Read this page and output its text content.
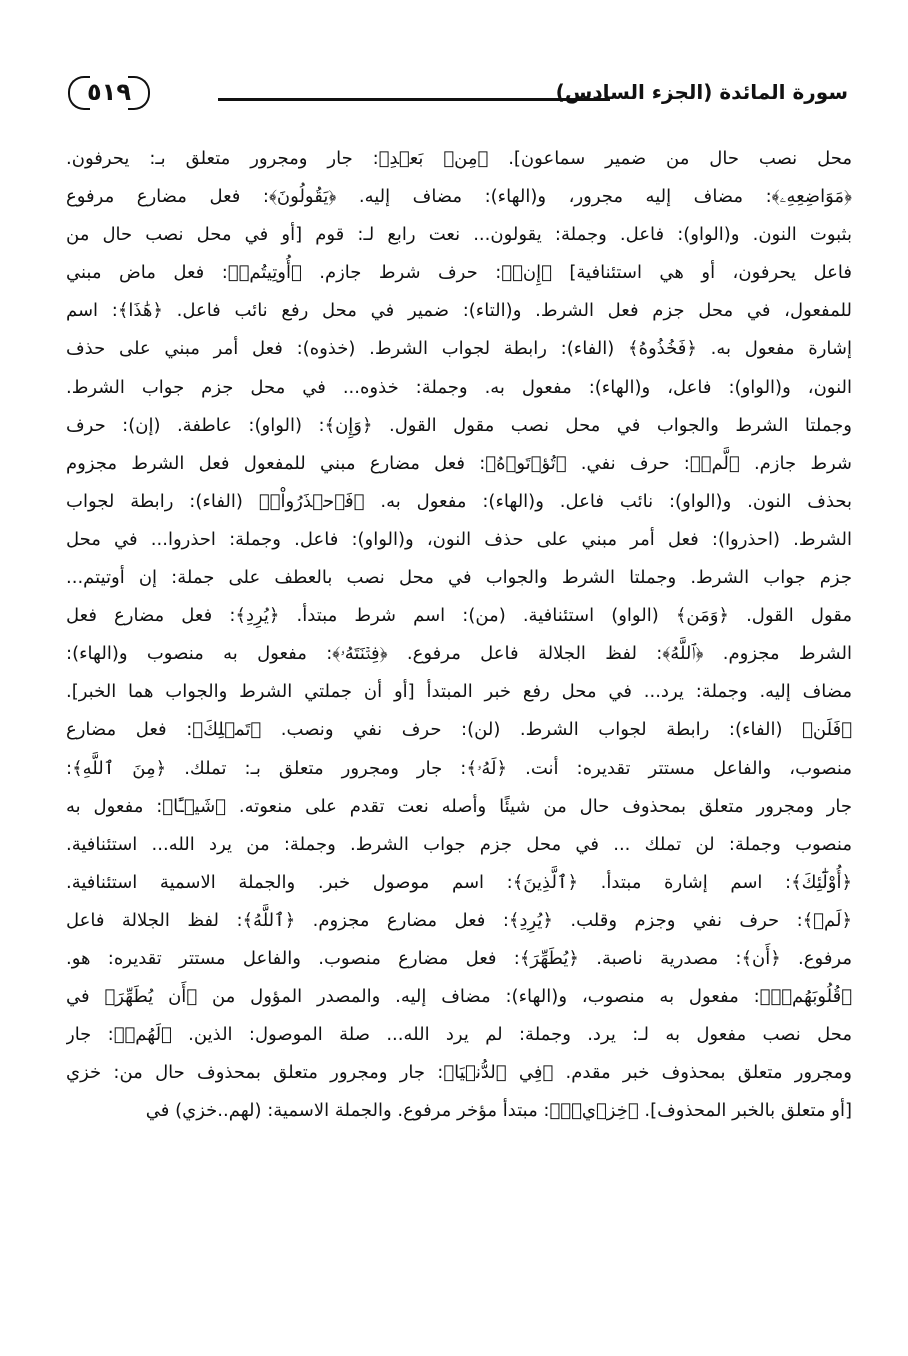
٥١٩	سورة المائدة (الجزء السادس)
محل نصب حال من ضمير سماعون]. ﴿مِنۢ بَعۡدِ﴾: جار ومجرور متعلق بـ: يحرفون.
﴿مَوَاضِعِهِۦ﴾: مضاف إليه مجرور، و(الهاء): مضاف إليه. ﴿يَقُولُونَ﴾: فعل مضارع مرفوع
بثبوت النون. و(الواو): فاعل. وجملة: يقولون... نعت رابع لـ: قوم [أو في محل نصب حال من
فاعل يحرفون، أو هي استئنافية] ﴿إِنۡ﴾: حرف شرط جازم. ﴿أُوتِيتُمۡ﴾: فعل ماض مبني
للمفعول، في محل جزم فعل الشرط. و(التاء): ضمير في محل رفع نائب فاعل. ﴿هَٰذَا﴾: اسم
إشارة مفعول به. ﴿فَخُذُوهُ﴾ (الفاء): رابطة لجواب الشرط. (خذوه): فعل أمر مبني على حذف
النون، و(الواو): فاعل، و(الهاء): مفعول به. وجملة: خذوه... في محل جزم جواب الشرط.
وجملتا الشرط والجواب في محل نصب مقول القول. ﴿وَإِن﴾: (الواو): عاطفة. (إن): حرف
شرط جازم. ﴿لَّمۡ﴾: حرف نفي. ﴿تُؤۡتَوۡهُ﴾: فعل مضارع مبني للمفعول فعل الشرط مجزوم
بحذف النون. و(الواو): نائب فاعل. و(الهاء): مفعول به. ﴿فَٱحۡذَرُواْۚ﴾ (الفاء): رابطة لجواب
الشرط. (احذروا): فعل أمر مبني على حذف النون، و(الواو): فاعل. وجملة: احذروا... في محل
جزم جواب الشرط. وجملتا الشرط والجواب في محل نصب بالعطف على جملة: إن أوتيتم...
مقول القول. ﴿وَمَن﴾ (الواو) استئنافية. (من): اسم شرط مبتدأ. ﴿يُرِدِ﴾: فعل مضارع فعل
الشرط مجزوم. ﴿ٱللَّهُ﴾: لفظ الجلالة فاعل مرفوع. ﴿فِتۡنَتَهُۥ﴾: مفعول به منصوب و(الهاء):
مضاف إليه. وجملة: يرد... في محل رفع خبر المبتدأ [أو أن جملتي الشرط والجواب هما الخبر].
﴿فَلَن﴾ (الفاء): رابطة لجواب الشرط. (لن): حرف نفي ونصب. ﴿تَمۡلِكَ﴾: فعل مضارع
منصوب، والفاعل مستتر تقديره: أنت. ﴿لَهُۥ﴾: جار ومجرور متعلق بـ: تملك. ﴿مِنَ ٱللَّهِ﴾:
جار ومجرور متعلق بمحذوف حال من شيئًا وأصله نعت تقدم على منعوته. ﴿شَيۡـًٔا﴾: مفعول به
منصوب وجملة: لن تملك ... في محل جزم جواب الشرط. وجملة: من يرد الله... استئنافية.
﴿أُوْلَٰٓئِكَ﴾: اسم إشارة مبتدأ. ﴿ٱلَّذِينَ﴾: اسم موصول خبر. والجملة الاسمية استئنافية.
﴿لَمۡ﴾: حرف نفي وجزم وقلب. ﴿يُرِدِ﴾: فعل مضارع مجزوم. ﴿ٱللَّهُ﴾: لفظ الجلالة فاعل
مرفوع. ﴿أَن﴾: مصدرية ناصبة. ﴿يُطَهِّرَ﴾: فعل مضارع منصوب. والفاعل مستتر تقديره: هو.
﴿قُلُوبَهُمۡۚ﴾: مفعول به منصوب، و(الهاء): مضاف إليه. والمصدر المؤول من ﴿أَن يُطَهِّرَ﴾ في
محل نصب مفعول به لـ: يرد. وجملة: لم يرد الله... صلة الموصول: الذين. ﴿لَهُمۡ﴾: جار
ومجرور متعلق بمحذوف خبر مقدم. ﴿فِي ٱلدُّنۡيَا﴾: جار ومجرور متعلق بمحذوف حال من: خزي
[أو متعلق بالخبر المحذوف]. ﴿خِزۡيٞۖ﴾: مبتدأ مؤخر مرفوع. والجملة الاسمية: (لهم..خزي) في
